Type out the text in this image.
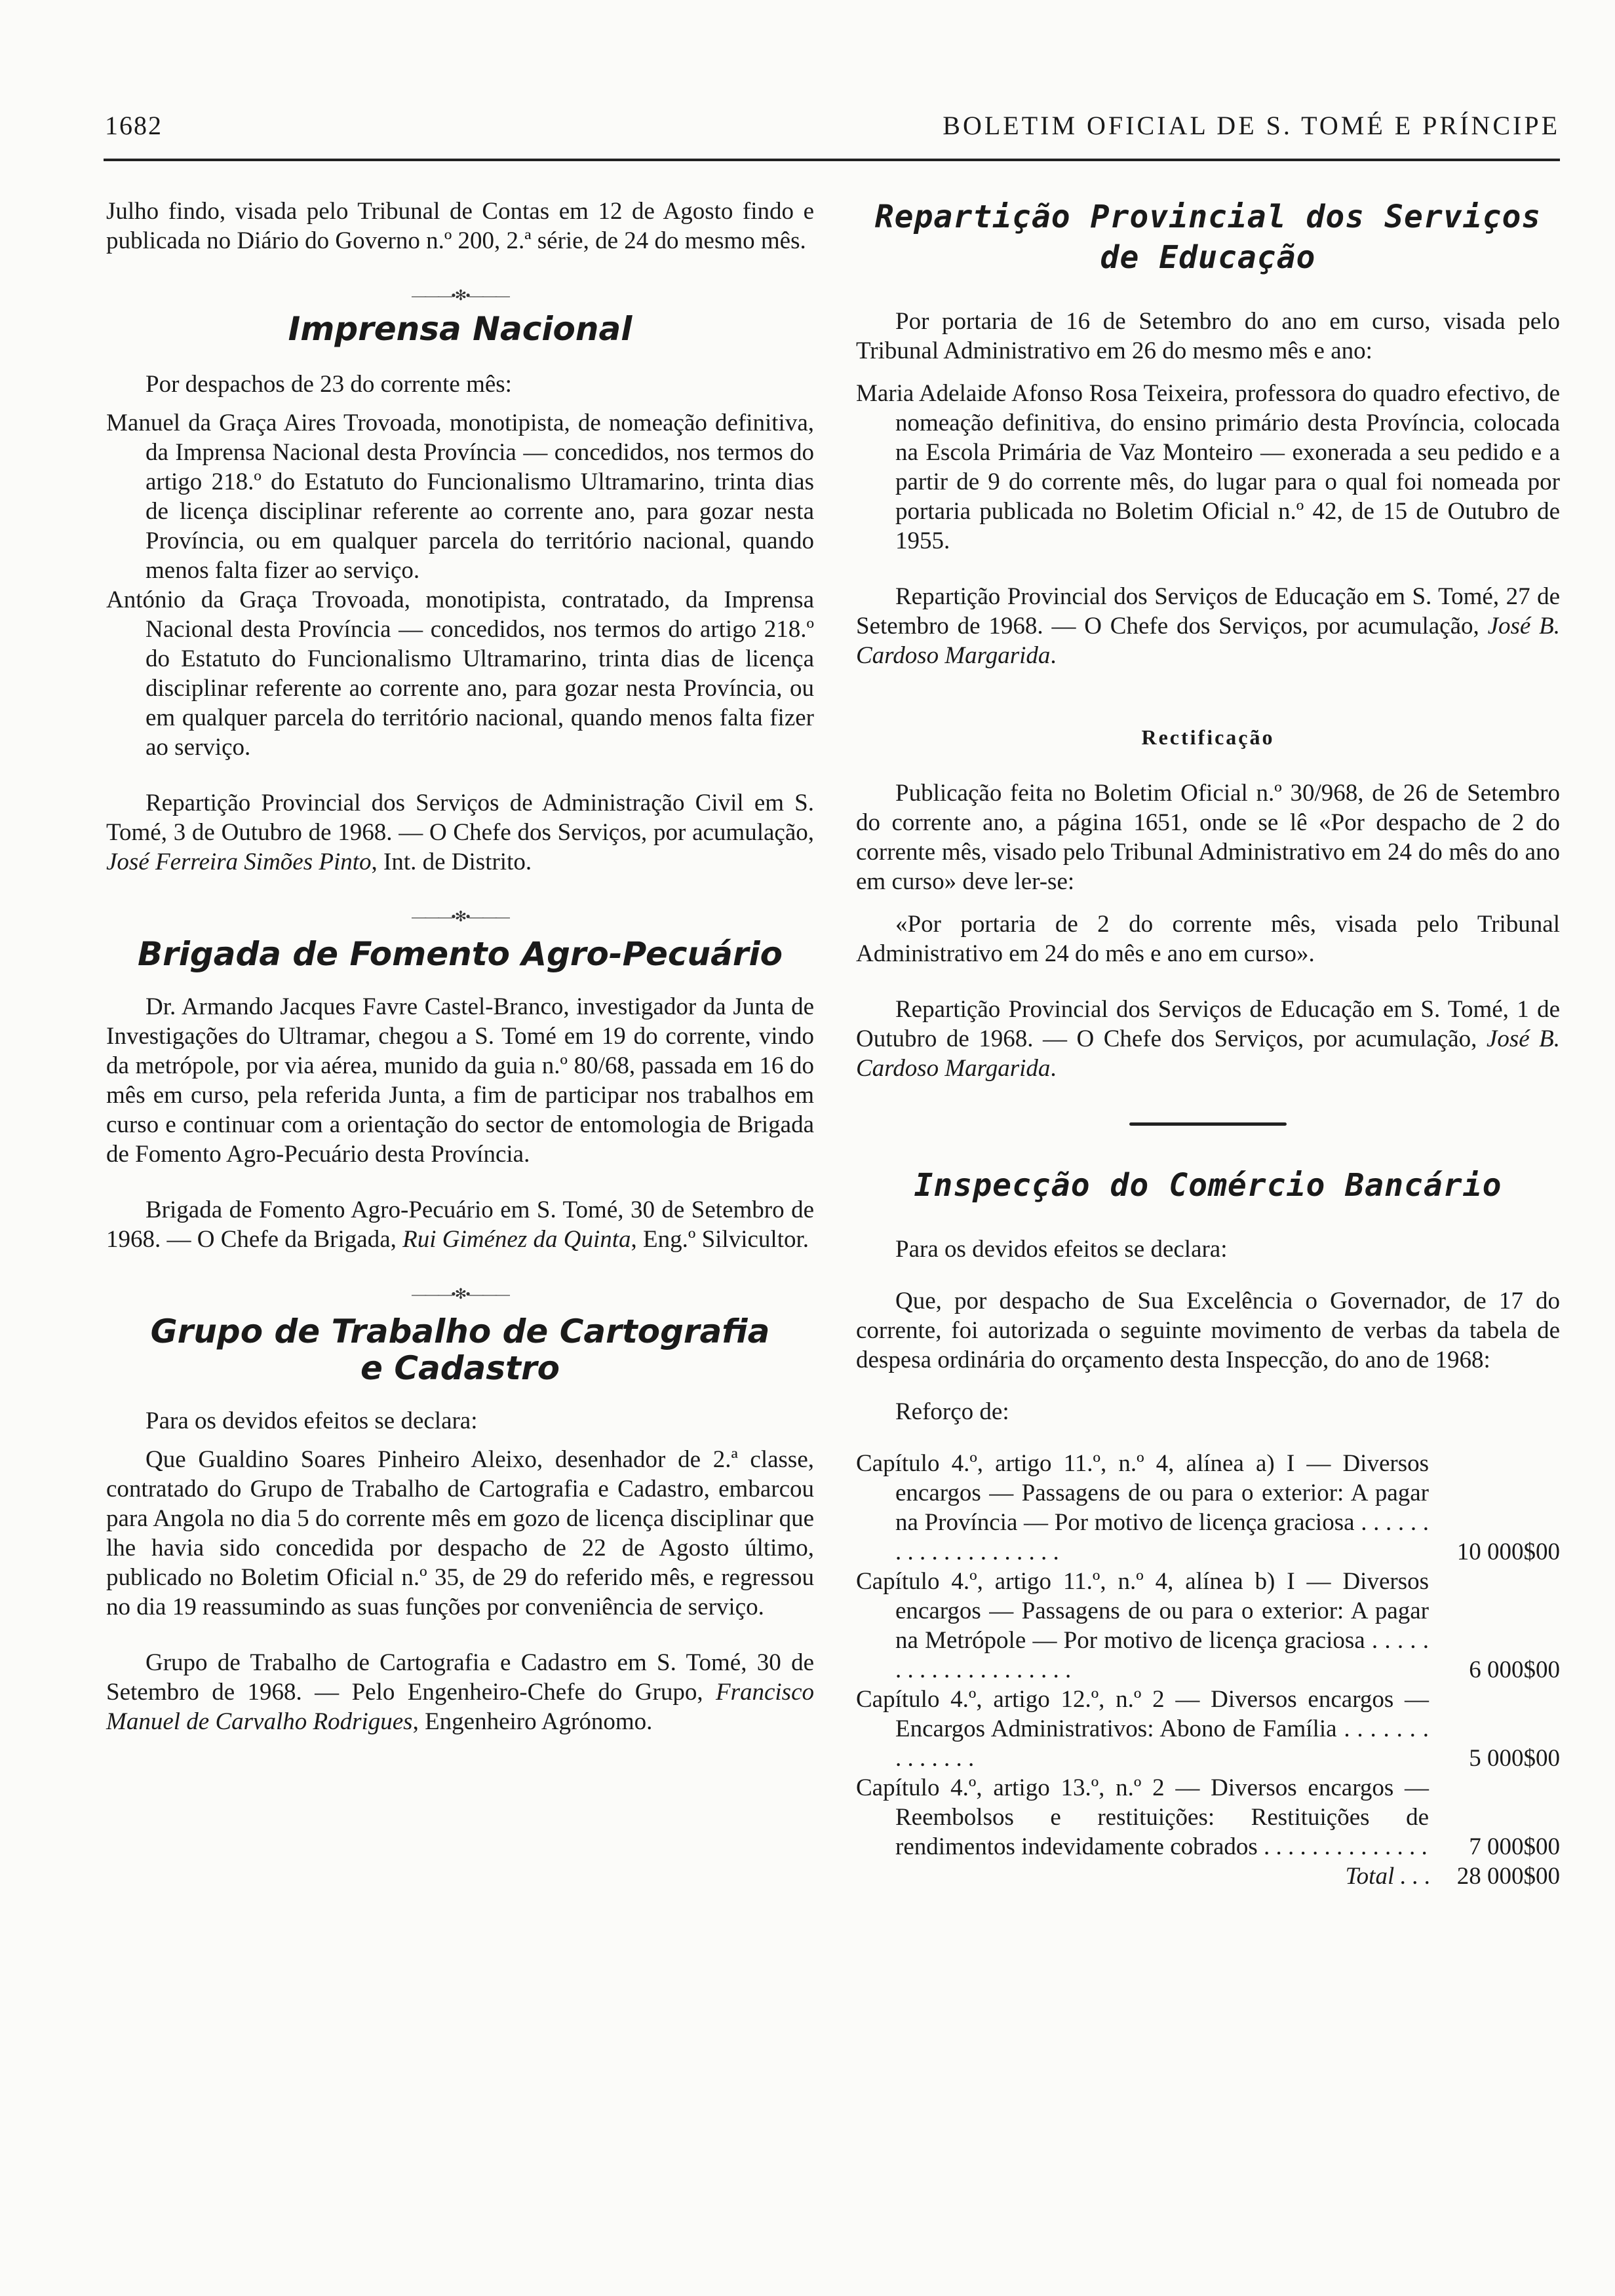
1682	BOLETIM OFICIAL DE S. TOMÉ E PRÍNCIPE

Julho findo, visada pelo Tribunal de Contas em 12 de Agosto findo e publicada no Diário do Governo n.º 200, 2.ª série, de 24 do mesmo mês.

———•✻•———
Imprensa Nacional

Por despachos de 23 do corrente mês:

Manuel da Graça Aires Trovoada, monotipista, de nomeação definitiva, da Imprensa Nacional desta Província — concedidos, nos termos do artigo 218.º do Estatuto do Funcionalismo Ultramarino, trinta dias de licença disciplinar referente ao corrente ano, para gozar nesta Província, ou em qualquer parcela do território nacional, quando menos falta fizer ao serviço.

António da Graça Trovoada, monotipista, contratado, da Imprensa Nacional desta Província — concedidos, nos termos do artigo 218.º do Estatuto do Funcionalismo Ultramarino, trinta dias de licença disciplinar referente ao corrente ano, para gozar nesta Província, ou em qualquer parcela do território nacional, quando menos falta fizer ao serviço.

Repartição Provincial dos Serviços de Administração Civil em S. Tomé, 3 de Outubro de 1968. — O Chefe dos Serviços, por acumulação, José Ferreira Simões Pinto, Int. de Distrito.

———•✻•———
Brigada de Fomento Agro-Pecuário

Dr. Armando Jacques Favre Castel-Branco, investigador da Junta de Investigações do Ultramar, chegou a S. Tomé em 19 do corrente, vindo da metrópole, por via aérea, munido da guia n.º 80/68, passada em 16 do mês em curso, pela referida Junta, a fim de participar nos trabalhos em curso e continuar com a orientação do sector de entomologia de Brigada de Fomento Agro-Pecuário desta Província.

Brigada de Fomento Agro-Pecuário em S. Tomé, 30 de Setembro de 1968. — O Chefe da Brigada, Rui Giménez da Quinta, Eng.º Silvicultor.

———•✻•———
Grupo de Trabalho de Cartografia
e Cadastro

Para os devidos efeitos se declara:

Que Gualdino Soares Pinheiro Aleixo, desenhador de 2.ª classe, contratado do Grupo de Trabalho de Cartografia e Cadastro, embarcou para Angola no dia 5 do corrente mês em gozo de licença disciplinar que lhe havia sido concedida por despacho de 22 de Agosto último, publicado no Boletim Oficial n.º 35, de 29 do referido mês, e regressou no dia 19 reassumindo as suas funções por conveniência de serviço.

Grupo de Trabalho de Cartografia e Cadastro em S. Tomé, 30 de Setembro de 1968. — Pelo Engenheiro-Chefe do Grupo, Francisco Manuel de Carvalho Rodrigues, Engenheiro Agrónomo.

Repartição Provincial dos Serviços
de Educação

Por portaria de 16 de Setembro do ano em curso, visada pelo Tribunal Administrativo em 26 do mesmo mês e ano:

Maria Adelaide Afonso Rosa Teixeira, professora do quadro efectivo, de nomeação definitiva, do ensino primário desta Província, colocada na Escola Primária de Vaz Monteiro — exonerada a seu pedido e a partir de 9 do corrente mês, do lugar para o qual foi nomeada por portaria publicada no Boletim Oficial n.º 42, de 15 de Outubro de 1955.

Repartição Provincial dos Serviços de Educação em S. Tomé, 27 de Setembro de 1968. — O Chefe dos Serviços, por acumulação, José B. Cardoso Margarida.

Rectificação

Publicação feita no Boletim Oficial n.º 30/968, de 26 de Setembro do corrente ano, a página 1651, onde se lê «Por despacho de 2 do corrente mês, visado pelo Tribunal Administrativo em 24 do mês do ano em curso» deve ler-se:

«Por portaria de 2 do corrente mês, visada pelo Tribunal Administrativo em 24 do mês e ano em curso».

Repartição Provincial dos Serviços de Educação em S. Tomé, 1 de Outubro de 1968. — O Chefe dos Serviços, por acumulação, José B. Cardoso Margarida.

Inspecção do Comércio Bancário

Para os devidos efeitos se declara:

Que, por despacho de Sua Excelência o Governador, de 17 do corrente, foi autorizada o seguinte movimento de verbas da tabela de despesa ordinária do orçamento desta Inspecção, do ano de 1968:

Reforço de:

Capítulo 4.º, artigo 11.º, n.º 4, alínea a) I — Diversos encargos — Passagens de ou para o exterior: A pagar na Província — Por motivo de licença graciosa . . . . . . . . . . . . . . . . . . . .	10 000$00

Capítulo 4.º, artigo 11.º, n.º 4, alínea b) I — Diversos encargos — Passagens de ou para o exterior: A pagar na Metrópole — Por motivo de licença graciosa . . . . . . . . . . . . . . . . . . . .	6 000$00

Capítulo 4.º, artigo 12.º, n.º 2 — Diversos encargos — Encargos Administrativos: Abono de Família . . . . . . . . . . . . . .	5 000$00

Capítulo 4.º, artigo 13.º, n.º 2 — Diversos encargos — Reembolsos e restituições: Restituições de rendimentos indevidamente cobrados . . . . . . . . . . . . . .	7 000$00
Total . . . 28 000$00
